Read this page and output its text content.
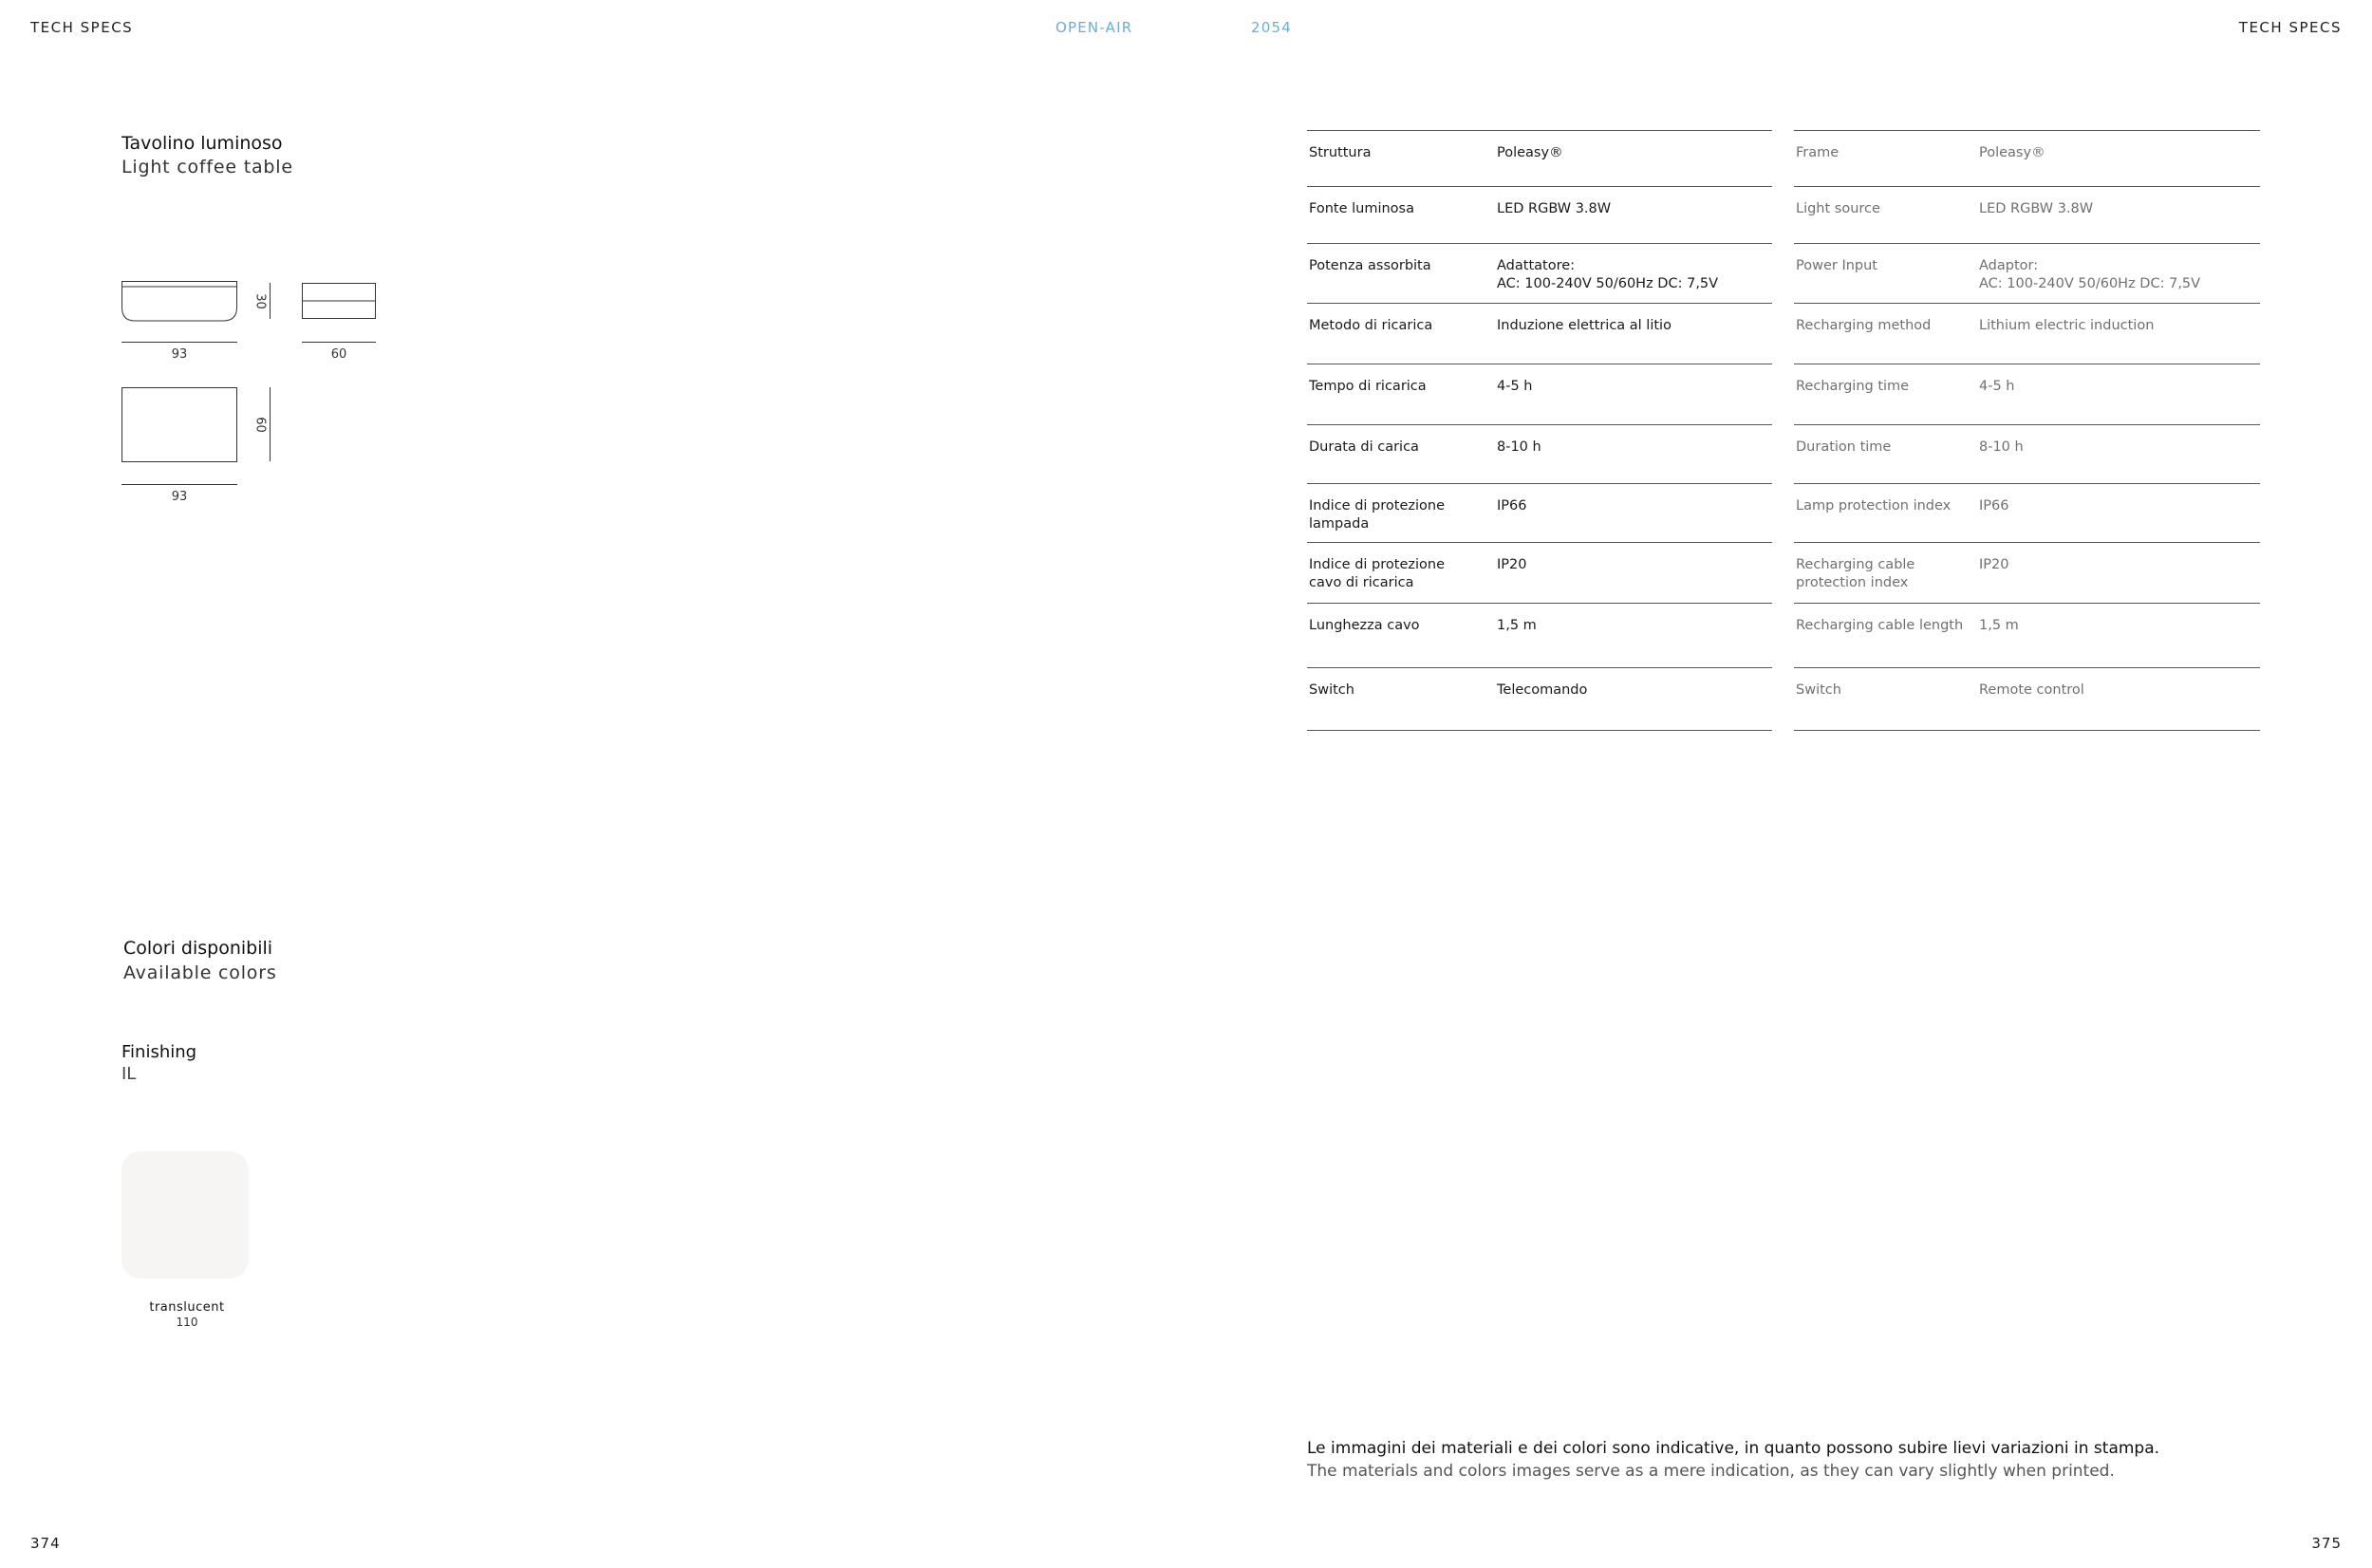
TECH SPECS	OPEN-AIR	2054	TECH SPECS
Tavolino luminoso
Light coffee table
93
30
60
60
93
Colori disponibili
Available colors
Finishing
IL
translucent
110
Struttura	Poleasy®
Fonte luminosa	LED RGBW 3.8W
Potenza assorbita	Adattatore:
AC: 100-240V 50/60Hz DC: 7,5V
Metodo di ricarica	Induzione elettrica al litio
Tempo di ricarica	4-5 h
Durata di carica	8-10 h
Indice di protezione
lampada	IP66
Indice di protezione
cavo di ricarica	IP20
Lunghezza cavo	1,5 m
Switch	Telecomando
Frame	Poleasy®
Light source	LED RGBW 3.8W
Power Input	Adaptor:
AC: 100-240V 50/60Hz DC: 7,5V
Recharging method	Lithium electric induction
Recharging time	4-5 h
Duration time	8-10 h
Lamp protection index	IP66
Recharging cable
protection index	IP20
Recharging cable length	1,5 m
Switch	Remote control
Le immagini dei materiali e dei colori sono indicative, in quanto possono subire lievi variazioni in stampa.
The materials and colors images serve as a mere indication, as they can vary slightly when printed.
374	375
